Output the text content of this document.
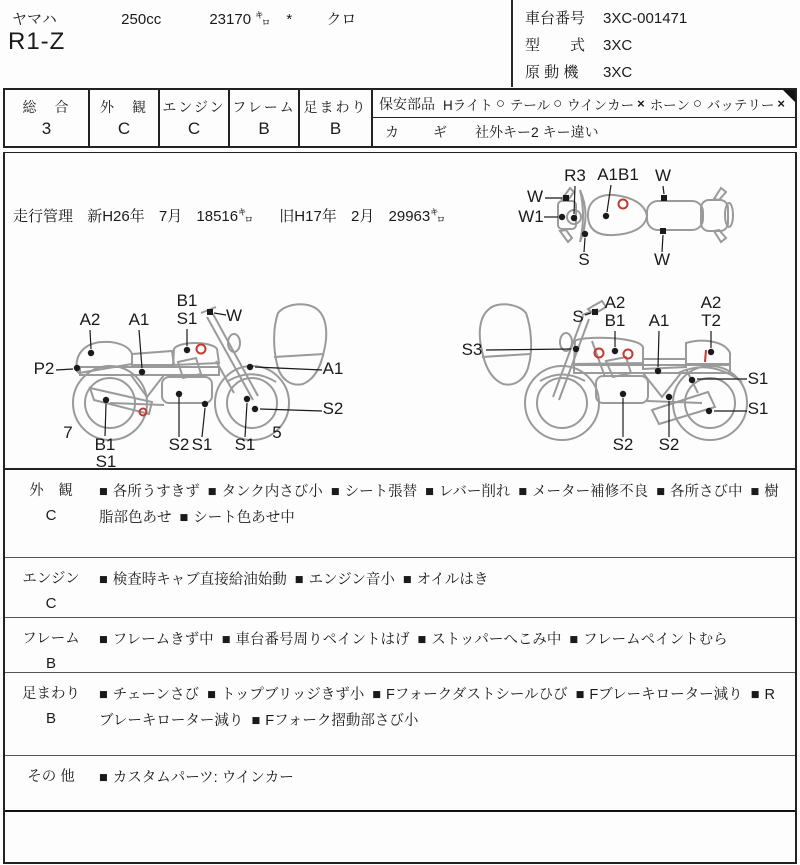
ヤマハ	250cc	23170 ㌔ * クロ
R1-Z
車台番号 3XC-001471
型　　式 3XC
原 動 機 3XC
総　合
3
外　観
C
エンジン
C
フレーム
B
足まわり
B
保安部品 Hライト ○ テール ○ ウインカー × ホーン ○ バッテリー ×
カ　ギ 社外キー2 キー違い
走行管理 新H26年 7月 18516㌔ 旧H17年 2月 29963㌔
W
W1
R3 A1B1 W
S	W
A2 A1
B1
S1 W
P2	A1
S2
7
B1
S1
S2 S1 S1
5
S3
S
A2
B1 A1
A2
T2
S1
S1
S2 S2
外　観
C
■ 各所うすきず ■ タンク内さび小 ■ シート張替 ■ レバー削れ ■ メーター補修不良 ■ 各所さび中 ■ 樹脂部色あせ ■ シート色あせ中
エンジン
C
■ 検査時キャブ直接給油始動 ■ エンジン音小 ■ オイルはき
フレーム
B
■ フレームきず中 ■ 車台番号周りペイントはげ ■ ストッパーへこみ中 ■ フレームペイントむら
足まわり
B
■ チェーンさび ■ トップブリッジきず小 ■ Fフォークダストシールひび ■ Fブレーキローター減り ■ Rブレーキローター減り ■ Fフォーク摺動部さび小
その 他	■ カスタムパーツ: ウインカー
